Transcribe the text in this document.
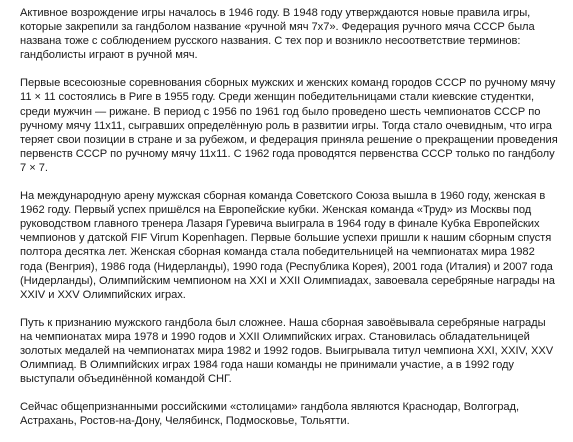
Активное возрождение игры началось в 1946 году. В 1948 году утверждаются новые правила игры, которые закрепили за гандболом название «ручной мяч 7х7». Федерация ручного мяча СССР была названа тоже с соблюдением русского названия. С тех пор и возникло несоответствие терминов: гандболисты играют в ручной мяч.

Первые всесоюзные соревнования сборных мужских и женских команд городов СССР по ручному мячу 11 × 11 состоялись в Риге в 1955 году. Среди женщин победительницами стали киевские студентки, среди мужчин — рижане. В период с 1956 по 1961 год было проведено шесть чемпионатов СССР по ручному мячу 11х11, сыгравших определённую роль в развитии игры. Тогда стало очевидным, что игра теряет свои позиции в стране и за рубежом, и федерация приняла решение о прекращении проведения первенств СССР по ручному мячу 11х11. С 1962 года проводятся первенства СССР только по гандболу 7 × 7.

На международную арену мужская сборная команда Советского Союза вышла в 1960 году, женская в 1962 году. Первый успех пришёлся на Европейские кубки. Женская команда «Труд» из Москвы под руководством главного тренера Лазаря Гуревича выиграла в 1964 году в финале Кубка Европейских чемпионов у датской FIF Virum Kopenhagen. Первые большие успехи пришли к нашим сборным спустя полтора десятка лет. Женская сборная команда стала победительницей на чемпионатах мира 1982 года (Венгрия), 1986 года (Нидерланды), 1990 года (Республика Корея), 2001 года (Италия) и 2007 года (Нидерланды), Олимпийским чемпионом на XXI и XXII Олимпиадах, завоевала серебряные награды на XXIV и XXV Олимпийских играх.

Путь к признанию мужского гандбола был сложнее. Наша сборная завоёвывала серебряные награды на чемпионатах мира 1978 и 1990 годов и XXII Олимпийских играх. Становилась обладательницей золотых медалей на чемпионатах мира 1982 и 1992 годов. Выигрывала титул чемпиона XXI, XXIV, XXV Олимпиад. В Олимпийских играх 1984 года наши команды не принимали участие, а в 1992 году выступали объединённой командой СНГ.

Сейчас общепризнанными российскими «столицами» гандбола являются Краснодар, Волгоград, Астрахань, Ростов-на-Дону, Челябинск, Подмосковье, Тольятти.
